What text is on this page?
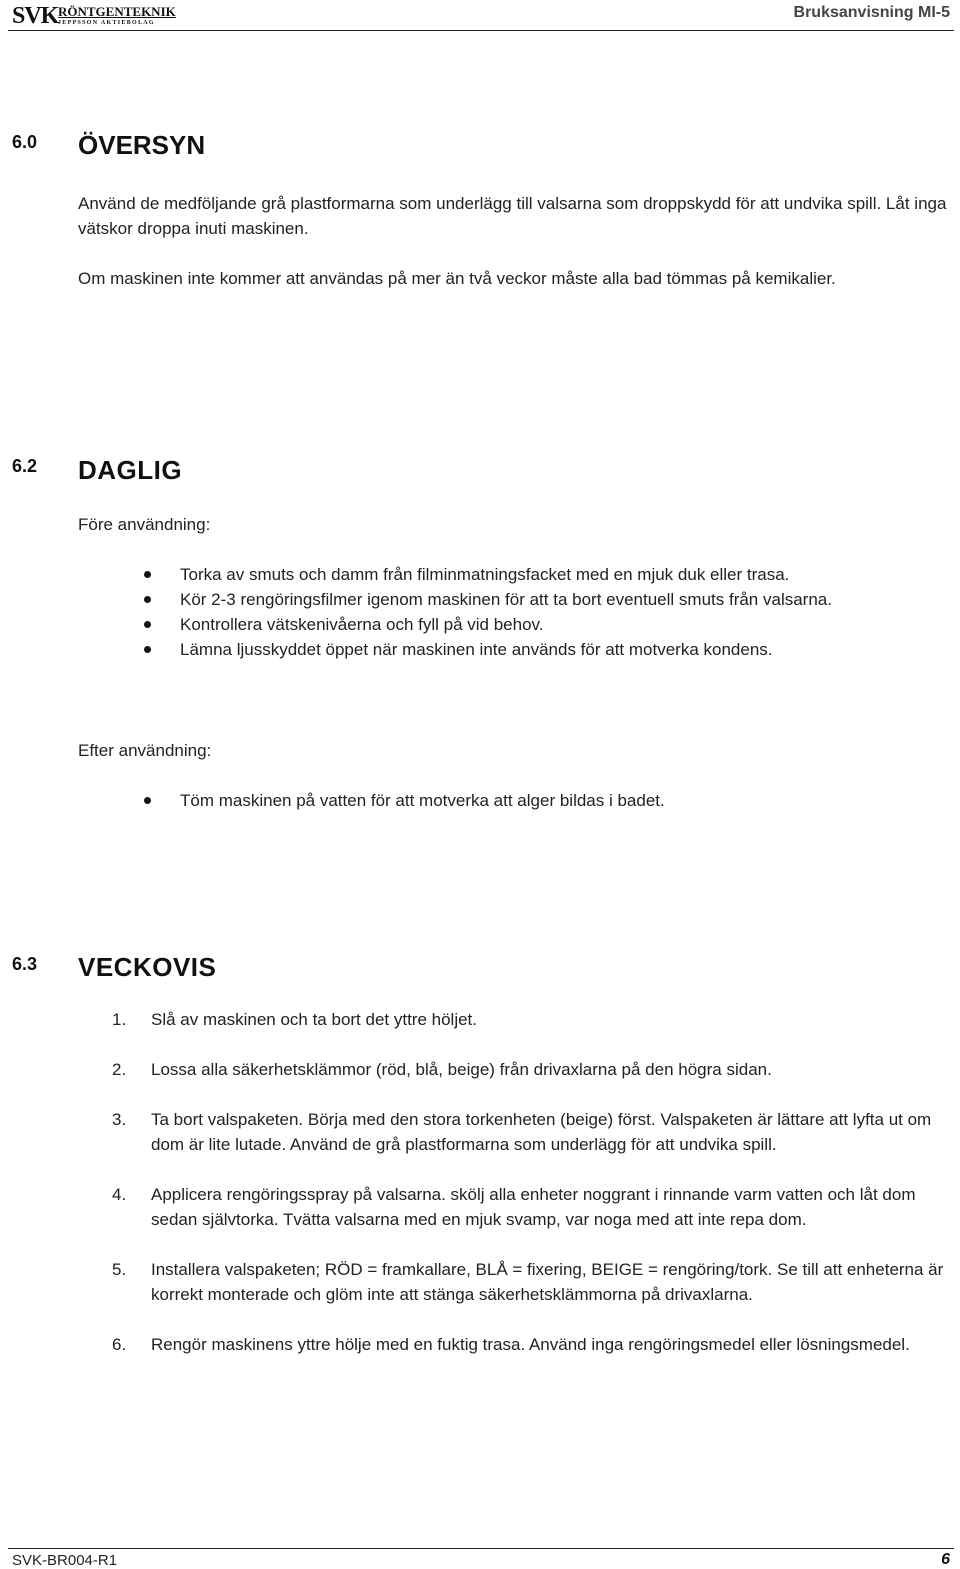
SVK RÖNTGENTEKNIK
JEPPSSON AKTIEBOLAG
Bruksanvisning MI-5
6.0 ÖVERSYN
Använd de medföljande grå plastformarna som underlägg till valsarna som droppskydd för att undvika spill. Låt inga vätskor droppa inuti maskinen.
Om maskinen inte kommer att användas på mer än två veckor måste alla bad tömmas på kemikalier.
6.2 DAGLIG
Före användning:
Torka av smuts och damm från filminmatningsfacket med en mjuk duk eller trasa.
Kör 2-3 rengöringsfilmer igenom maskinen för att ta bort eventuell smuts från valsarna.
Kontrollera vätskenivåerna och fyll på vid behov.
Lämna ljusskyddet öppet när maskinen inte används för att motverka kondens.
Efter användning:
Töm maskinen på vatten för att motverka att alger bildas i badet.
6.3 VECKOVIS
1. Slå av maskinen och ta bort det yttre höljet.
2. Lossa alla säkerhetsklämmor (röd, blå, beige) från drivaxlarna på den högra sidan.
3. Ta bort valspaketen. Börja med den stora torkenheten (beige) först. Valspaketen är lättare att lyfta ut om dom är lite lutade. Använd de grå plastformarna som underlägg för att undvika spill.
4. Applicera rengöringsspray på valsarna. skölj alla enheter noggrant i rinnande varm vatten och låt dom sedan självtorka. Tvätta valsarna med en mjuk svamp, var noga med att inte repa dom.
5. Installera valspaketen; RÖD = framkallare, BLÅ = fixering, BEIGE = rengöring/tork. Se till att enheterna är korrekt monterade och glöm inte att stänga säkerhetsklämmorna på drivaxlarna.
6. Rengör maskinens yttre hölje med en fuktig trasa. Använd inga rengöringsmedel eller lösningsmedel.
SVK-BR004-R1	6
